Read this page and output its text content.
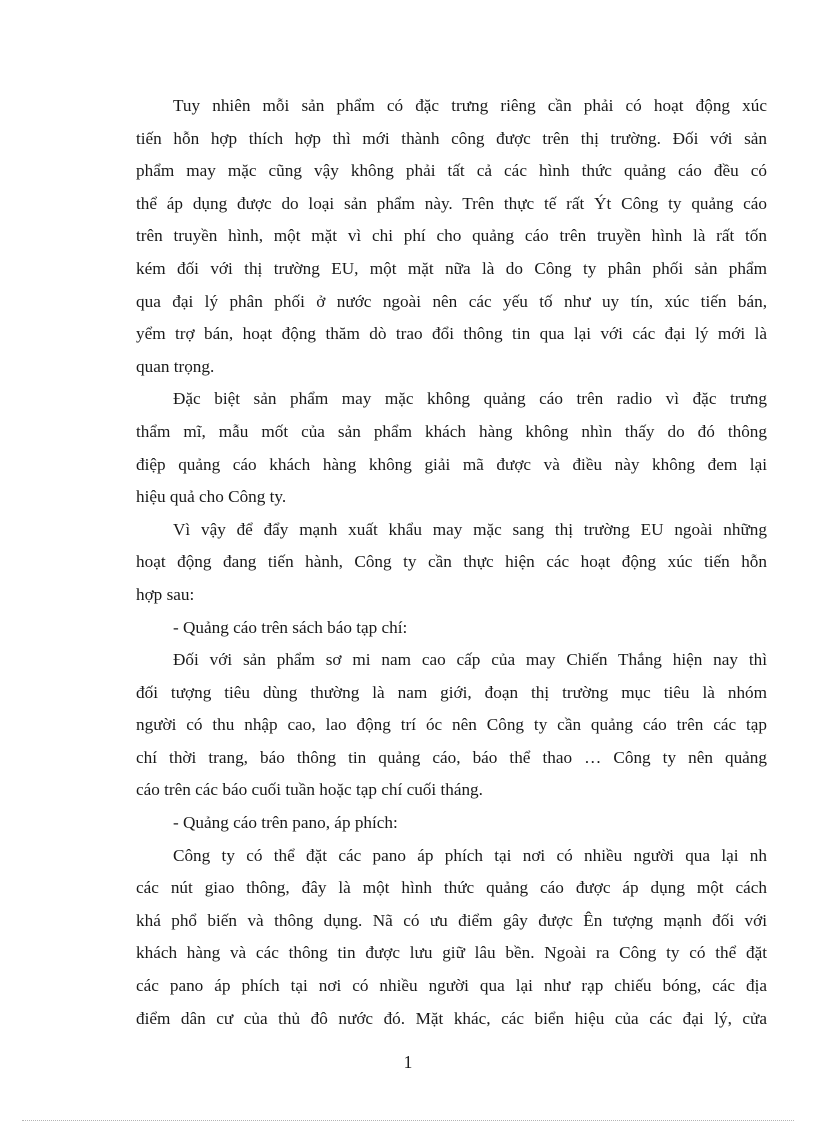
Tuy nhiên mỗi sản phẩm có đặc trưng riêng cần phải có hoạt động xúc
tiến hỗn hợp thích hợp thì mới thành công được trên thị trường. Đối với sản
phẩm may mặc cũng vậy không phải tất cả các hình thức quảng cáo đều có
thể áp dụng được do loại sản phẩm này. Trên thực tế rất Ýt Công ty quảng cáo
trên truyền hình, một mặt vì chi phí cho quảng cáo trên truyền hình là rất tốn
kém đối với thị trường EU, một mặt nữa là do Công ty phân phối sản phẩm
qua đại lý phân phối ở nước ngoài nên các yếu tố như uy tín, xúc tiến bán,
yểm trợ bán, hoạt động thăm dò trao đổi thông tin qua lại với các đại lý mới là
quan trọng.
Đặc biệt sản phẩm may mặc không quảng cáo trên radio vì đặc trưng
thẩm mĩ, mẫu mốt của sản phẩm khách hàng không nhìn thấy do đó thông
điệp quảng cáo khách hàng không giải mã được và điều này không đem lại
hiệu quả cho Công ty.
Vì vậy để đẩy mạnh xuất khẩu may mặc sang thị trường EU ngoài những
hoạt động đang tiến hành, Công ty cần thực hiện các hoạt động xúc tiến hỗn
hợp sau:
- Quảng cáo trên sách báo tạp chí:
Đối với sản phẩm sơ mi nam cao cấp của may Chiến Thắng hiện nay thì
đối tượng tiêu dùng thường là nam giới, đoạn thị trường mục tiêu là nhóm
người có thu nhập cao, lao động trí óc nên Công ty cần quảng cáo trên các tạp
chí thời trang, báo thông tin quảng cáo, báo thể thao … Công ty nên quảng
cáo trên các báo cuối tuần hoặc tạp chí cuối tháng.
- Quảng cáo trên pano, áp phích:
Công ty có thể đặt các pano áp phích tại nơi có nhiều người qua lại nh
các nút giao thông, đây là một hình thức quảng cáo được áp dụng một cách
khá phổ biến và thông dụng. Nã có ưu điểm gây được Ên tượng mạnh đối với
khách hàng và các thông tin được lưu giữ lâu bền. Ngoài ra Công ty có thể đặt
các pano áp phích tại nơi có nhiều người qua lại như rạp chiếu bóng, các địa
điểm dân cư của thủ đô nước đó. Mặt khác, các biển hiệu của các đại lý, cửa
1
